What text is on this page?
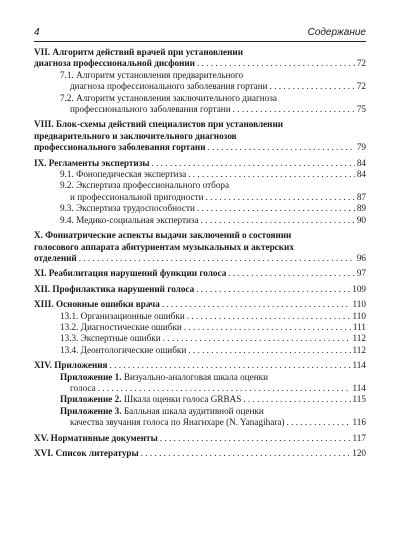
4	Содержание
VII. Алгоритм действий врачей при установлении
диагноза профессиональной дисфонии . . .	72
7.1. Алгоритм установления предварительного
диагноза профессионального заболевания гортани . . .	72
7.2. Алгоритм установления заключительного диагноза
профессионального заболевания гортани . . .	75
VIII. Блок-схемы действий специалистов при установлении
предварительного и заключительного диагнозов
профессионального заболевания гортани . . .	79
IX. Регламенты экспертизы . . .	84
9.1. Фонопедическая экспертиза . . .	84
9.2. Экспертиза профессионального отбора
и профессиональной пригодности . . .	87
9.3. Экспертиза трудоспособности . . .	89
9.4. Медико-социальная экспертиза . . .	90
X. Фониатрические аспекты выдачи заключений о состоянии
голосового аппарата абитуриентам музыкальных и актерских
отделений . . .	96
XI. Реабилитация нарушений функции голоса . . .	97
XII. Профилактика нарушений голоса . . .	109
XIII. Основные ошибки врача . . .	110
13.1. Организационные ошибки . . .	110
13.2. Диагностические ошибки . . .	111
13.3. Экспертные ошибки . . .	112
13.4. Деонтологические ошибки . . .	112
XIV. Приложения . . .	114
Приложение 1. Визуально-аналоговая шкала оценки
голоса . . .	114
Приложение 2. Шкала оценки голоса GRBAS . . .	115
Приложение 3. Балльная шкала аудитивной оценки
качества звучания голоса по Янагихаре (N. Yanagihara) . . .	116
XV. Нормативные документы . . .	117
XVI. Список литературы . . .	120
